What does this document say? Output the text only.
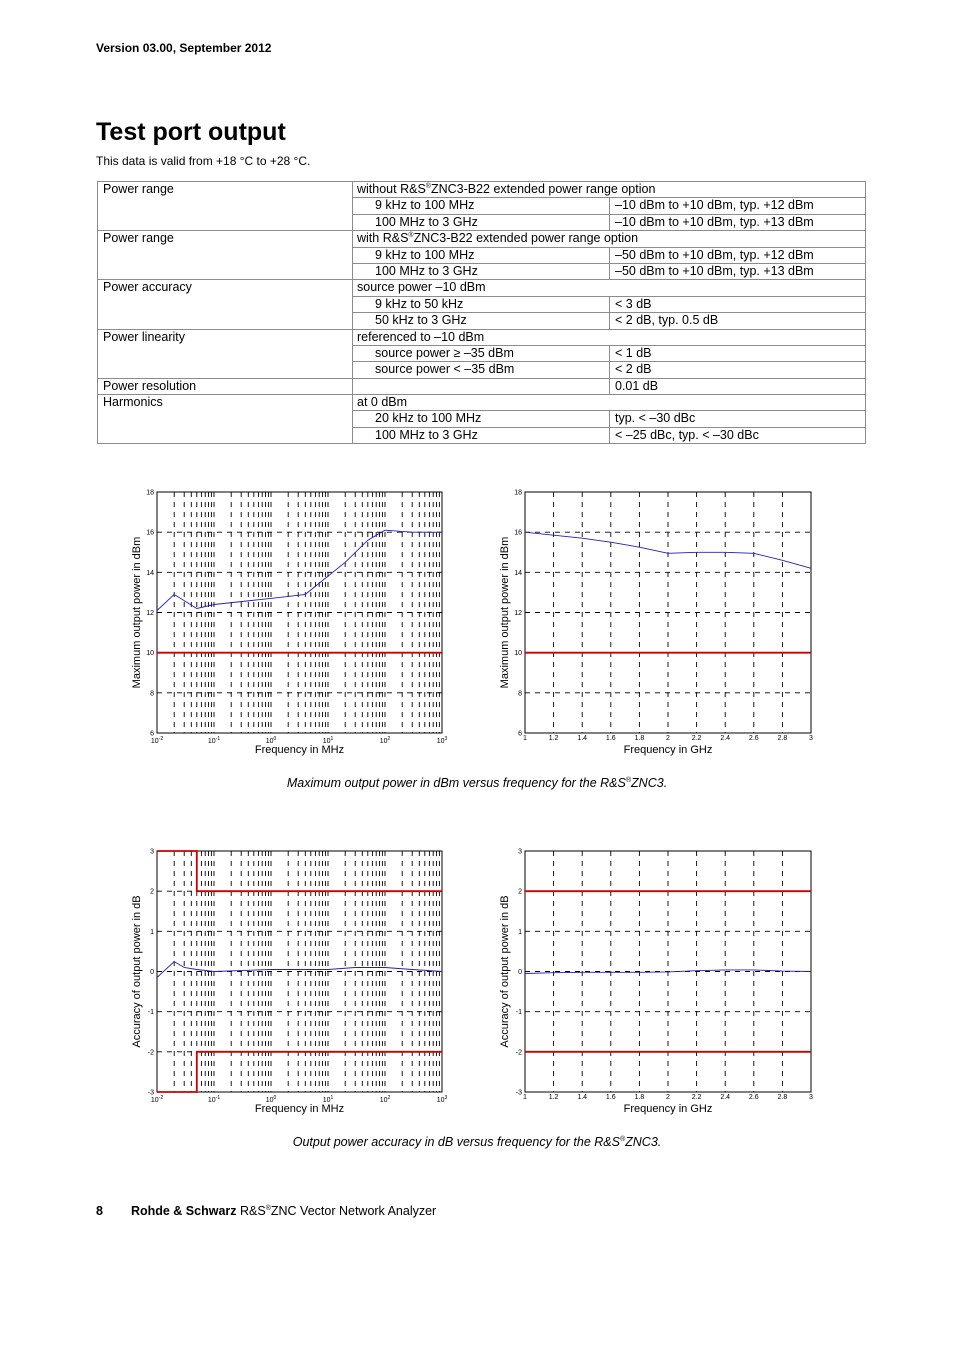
Version 03.00, September 2012
Test port output
This data is valid from +18 °C to +28 °C.
Power range	without R&S®ZNC3-B22 extended power range option	
	9 kHz to 100 MHz	–10 dBm to +10 dBm, typ. +12 dBm
	100 MHz to 3 GHz	–10 dBm to +10 dBm, typ. +13 dBm
Power range	with R&S®ZNC3-B22 extended power range option	
	9 kHz to 100 MHz	–50 dBm to +10 dBm, typ. +12 dBm
	100 MHz to 3 GHz	–50 dBm to +10 dBm, typ. +13 dBm
Power accuracy	source power –10 dBm	
	9 kHz to 50 kHz	< 3 dB
	50 kHz to 3 GHz	< 2 dB, typ. 0.5 dB
Power linearity	referenced to –10 dBm	
	source power ≥ –35 dBm	< 1 dB
	source power < –35 dBm	< 2 dB
Power resolution		0.01 dB
Harmonics	at 0 dBm	
	20 kHz to 100 MHz	typ. < –30 dBc
	100 MHz to 3 GHz	< –25 dBc, typ. < –30 dBc
6
8
10
12
14
16
18
$10^{-2}$	$10^{-1}$	$10^0$	$10^1$	$10^2$	$10^3$
Frequency in MHz
Maximum output power in dBm
6
8
10
12
14
16
18
1	1.2	1.4	1.6	1.8	2	2.2	2.4	2.6	2.8	3
Frequency in GHz
Maximum output power in dBm
-3
-2
-1
0
1
2
3
$10^{-2}$	$10^{-1}$	$10^0$	$10^1$	$10^2$	$10^3$
Frequency in MHz
Accuracy of output power in dB
-3
-2
-1
0
1
2
3
1	1.2	1.4	1.6	1.8	2	2.2	2.4	2.6	2.8	3
Frequency in GHz
Accuracy of output power in dB
Maximum output power in dBm versus frequency for the R&S®ZNC3.
Output power accuracy in dB versus frequency for the R&S®ZNC3.
8 Rohde & Schwarz R&S®ZNC Vector Network Analyzer
